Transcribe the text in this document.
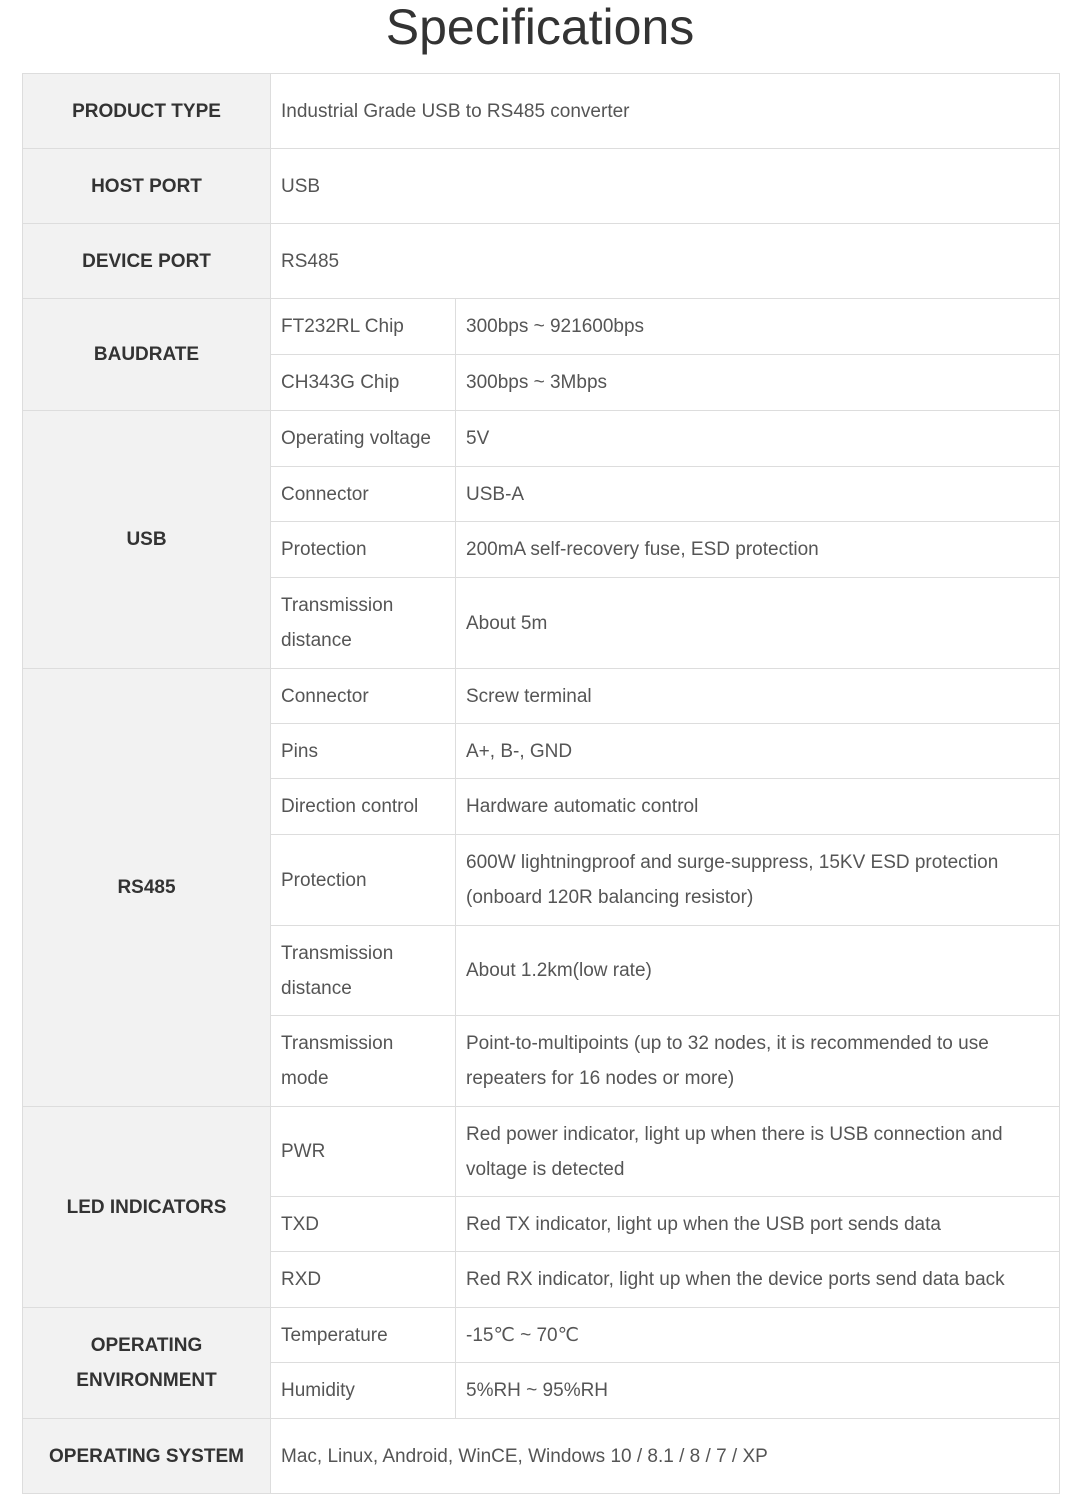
Specifications
PRODUCT TYPE	Industrial Grade USB to RS485 converter	
HOST PORT	USB	
DEVICE PORT	RS485	
BAUDRATE	FT232RL Chip	300bps ~ 921600bps
	CH343G Chip	300bps ~ 3Mbps
USB	Operating voltage	5V
	Connector	USB-A
	Protection	200mA self-recovery fuse, ESD protection
	Transmission distance	About 5m
RS485	Connector	Screw terminal
	Pins	A+, B-, GND
	Direction control	Hardware automatic control
	Protection	600W lightningproof and surge-suppress, 15KV ESD protection (onboard 120R balancing resistor)
	Transmission distance	About 1.2km(low rate)
	Transmission mode	Point-to-multipoints (up to 32 nodes, it is recommended to use repeaters for 16 nodes or more)
LED INDICATORS	PWR	Red power indicator, light up when there is USB connection and voltage is detected
	TXD	Red TX indicator, light up when the USB port sends data
	RXD	Red RX indicator, light up when the device ports send data back
OPERATING ENVIRONMENT	Temperature	-15℃ ~ 70℃
	Humidity	5%RH ~ 95%RH
OPERATING SYSTEM	Mac, Linux, Android, WinCE, Windows 10 / 8.1 / 8 / 7 / XP	
